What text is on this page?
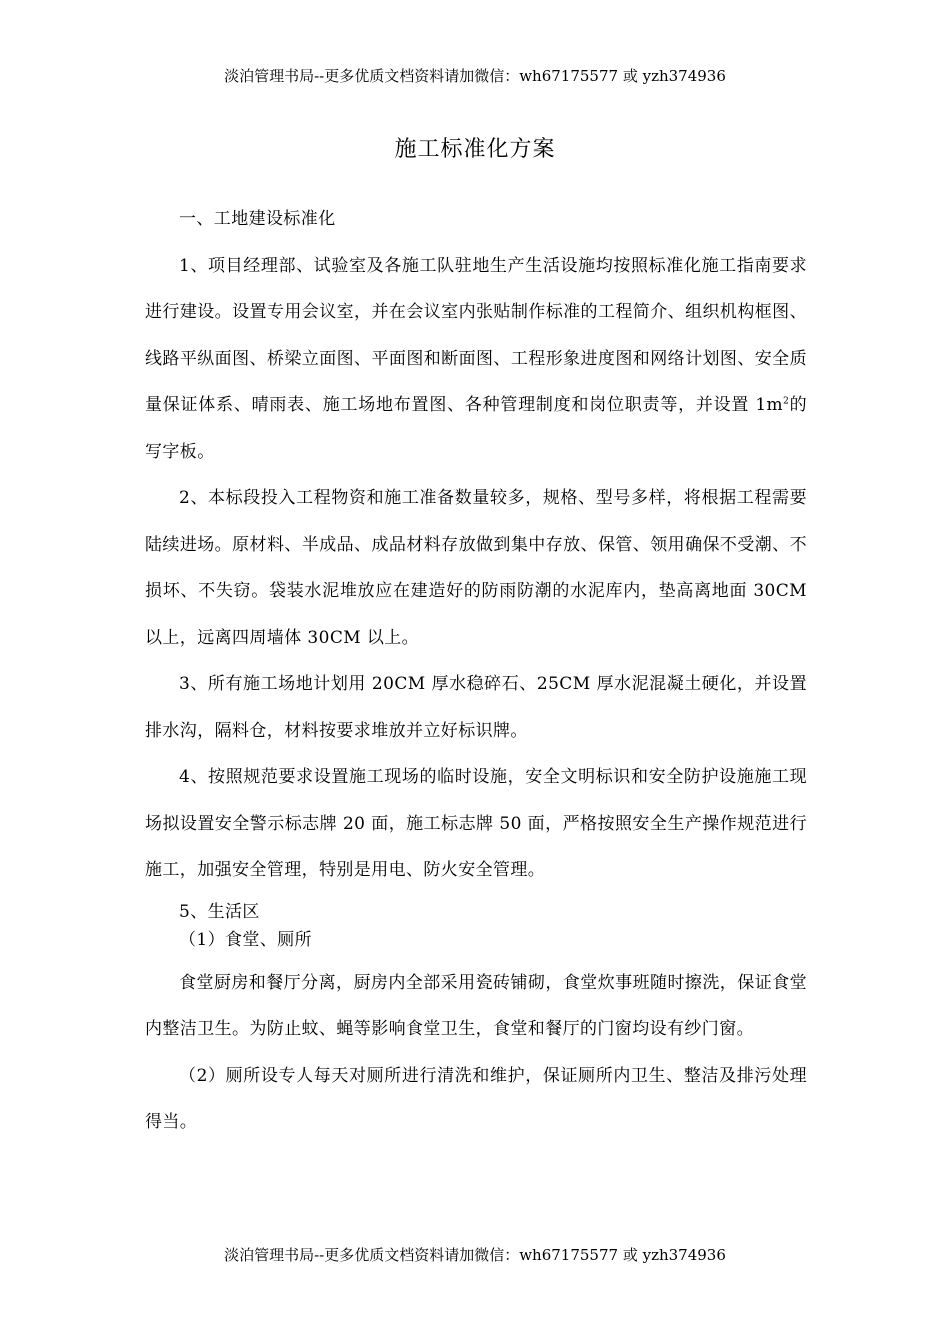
淡泊管理书局--更多优质文档资料请加微信：wh67175577 或 yzh374936
施工标准化方案

一、工地建设标准化

1、项目经理部、试验室及各施工队驻地生产生活设施均按照标准化施工指南要求进行建设。设置专用会议室，并在会议室内张贴制作标准的工程简介、组织机构框图、线路平纵面图、桥梁立面图、平面图和断面图、工程形象进度图和网络计划图、安全质量保证体系、晴雨表、施工场地布置图、各种管理制度和岗位职责等，并设置 $1m^2$的写字板。

2、本标段投入工程物资和施工准备数量较多，规格、型号多样，将根据工程需要陆续进场。原材料、半成品、成品材料存放做到集中存放、保管、领用确保不受潮、不损坏、不失窃。袋装水泥堆放应在建造好的防雨防潮的水泥库内，垫高离地面 30CM 以上，远离四周墙体 30CM 以上。

3、所有施工场地计划用 20CM 厚水稳碎石、25CM 厚水泥混凝土硬化，并设置排水沟，隔料仓，材料按要求堆放并立好标识牌。

4、按照规范要求设置施工现场的临时设施，安全文明标识和安全防护设施施工现场拟设置安全警示标志牌 20 面，施工标志牌 50 面，严格按照安全生产操作规范进行施工，加强安全管理，特别是用电、防火安全管理。

5、生活区

（1）食堂、厕所

食堂厨房和餐厅分离，厨房内全部采用瓷砖铺砌，食堂炊事班随时擦洗，保证食堂内整洁卫生。为防止蚊、蝇等影响食堂卫生，食堂和餐厅的门窗均设有纱门窗。

（2）厕所设专人每天对厕所进行清洗和维护，保证厕所内卫生、整洁及排污处理得当。

淡泊管理书局--更多优质文档资料请加微信：wh67175577 或 yzh374936
